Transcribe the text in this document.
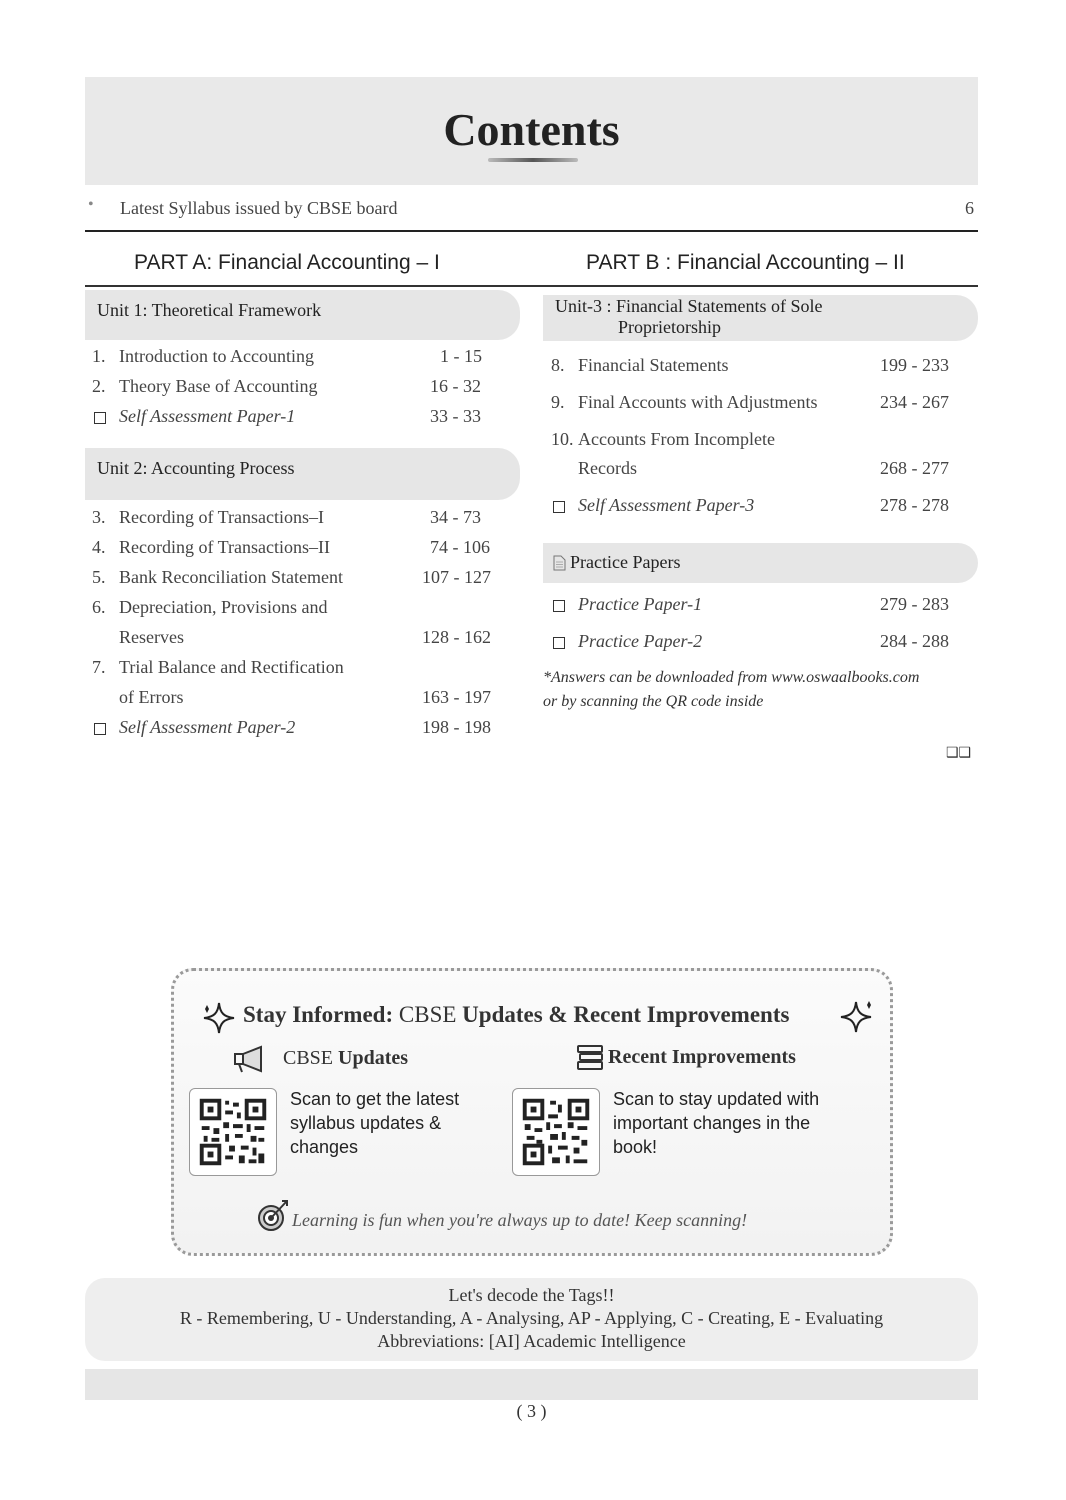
Contents
• Latest Syllabus issued by CBSE board	6
PART A: Financial Accounting – I	PART B : Financial Accounting – II
Unit 1: Theoretical Framework
1. Introduction to Accounting	1 - 15
2. Theory Base of Accounting	16 - 32
Self Assessment Paper-1	33 - 33
Unit 2: Accounting Process
3. Recording of Transactions–I	34 - 73
4. Recording of Transactions–II	74 - 106
5. Bank Reconciliation Statement	107 - 127
6. Depreciation, Provisions and
Reserves	128 - 162
7. Trial Balance and Rectification
of Errors	163 - 197
Self Assessment Paper-2	198 - 198
Unit-3 : Financial Statements of Sole
Proprietorship
8. Financial Statements	199 - 233
9. Final Accounts with Adjustments	234 - 267
10. Accounts From Incomplete
Records	268 - 277
Self Assessment Paper-3	278 - 278
Practice Papers
Practice Paper-1	279 - 283
Practice Paper-2	284 - 288
*Answers can be downloaded from www.oswaalbooks.com
or by scanning the QR code inside
❑❑
Stay Informed: CBSE Updates & Recent Improvements
CBSE Updates	Recent Improvements
Scan to get the latest syllabus updates & changes
Scan to stay updated with important changes in the book!
Learning is fun when you're always up to date! Keep scanning!
Let's decode the Tags!!
R - Remembering, U - Understanding, A - Analysing, AP - Applying, C - Creating, E - Evaluating
Abbreviations: [AI] Academic Intelligence
( 3 )
